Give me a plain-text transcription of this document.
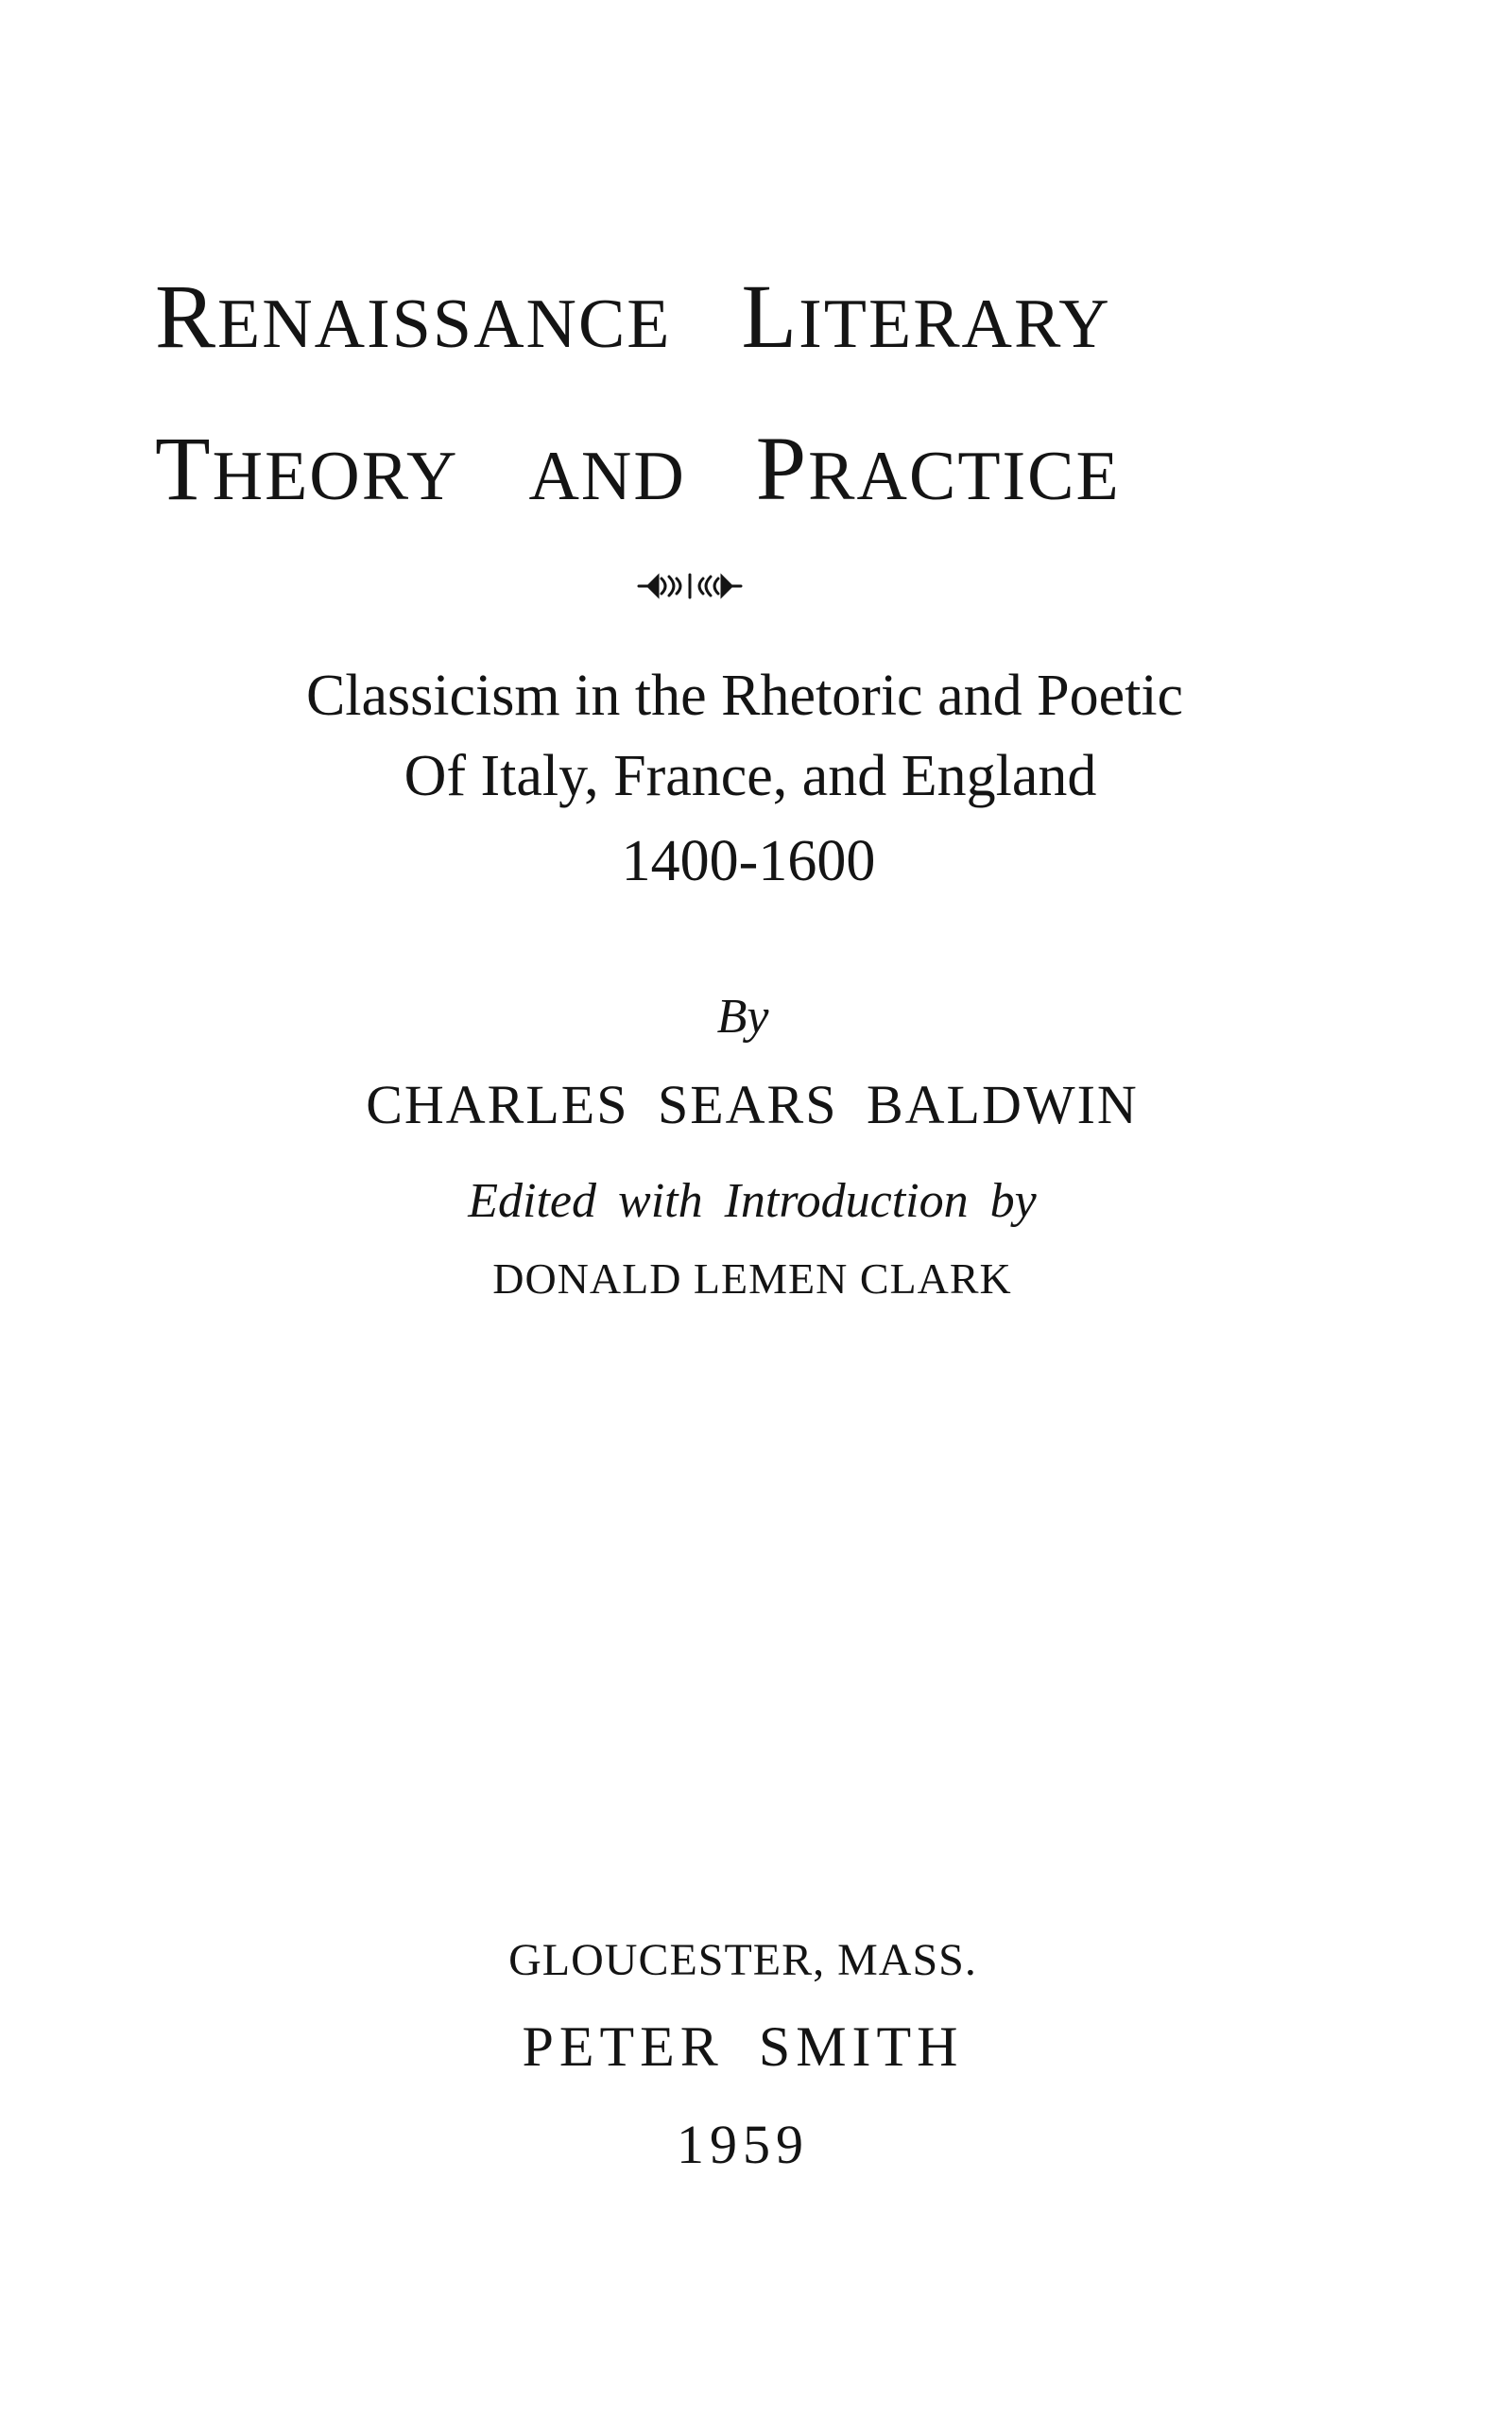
RENAISSANCE LITERARY
THEORY AND PRACTICE
Classicism in the Rhetoric and Poetic
Of Italy, France, and England
1400-1600
By
CHARLES SEARS BALDWIN
Edited with Introduction by
DONALD LEMEN CLARK
GLOUCESTER, MASS.
PETER SMITH
1959
